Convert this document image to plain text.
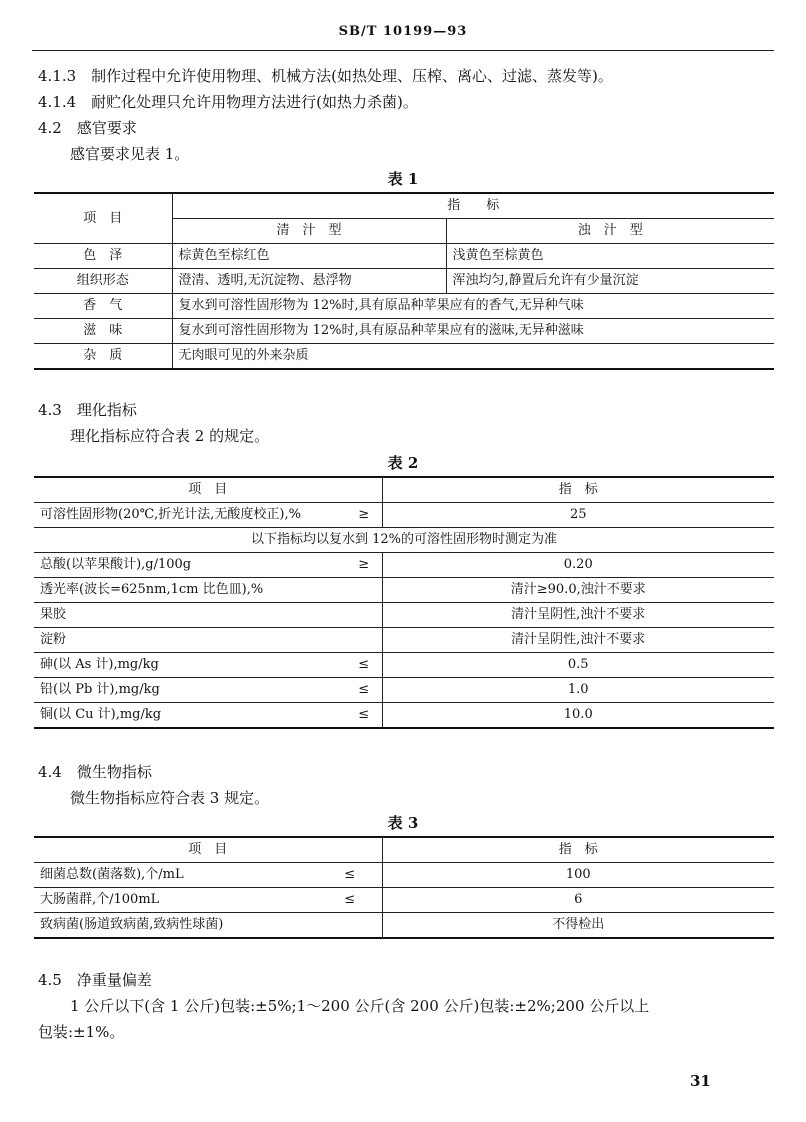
SB/T 10199—93
4.1.3　制作过程中允许使用物理、机械方法(如热处理、压榨、离心、过滤、蒸发等)。
4.1.4　耐贮化处理只允许用物理方法进行(如热力杀菌)。
4.2　感官要求
感官要求见表 1。
表 1
项　目	指　　标	
	清　汁　型	浊　汁　型
色　泽	棕黄色至棕红色	浅黄色至棕黄色
组织形态	澄清、透明,无沉淀物、悬浮物	浑浊均匀,静置后允许有少量沉淀
香　气	复水到可溶性固形物为 12%时,具有原品种苹果应有的香气,无异种气味	
滋　味	复水到可溶性固形物为 12%时,具有原品种苹果应有的滋味,无异种滋味	
杂　质	无肉眼可见的外来杂质	
4.3　理化指标
理化指标应符合表 2 的规定。
表 2
项　目		指　标
可溶性固形物(20℃,折光计法,无酸度校正),%	≥	25
以下指标均以复水到 12%的可溶性固形物时测定为准		
总酸(以苹果酸计),g/100g	≥	0.20
透光率(波长=625nm,1cm 比色皿),%		清汁≥90.0,浊汁不要求
果胶		清汁呈阴性,浊汁不要求
淀粉		清汁呈阴性,浊汁不要求
砷(以 As 计),mg/kg	≤	0.5
铅(以 Pb 计),mg/kg	≤	1.0
铜(以 Cu 计),mg/kg	≤	10.0
4.4　微生物指标
微生物指标应符合表 3 规定。
表 3
项　目		指　标
细菌总数(菌落数),个/mL	≤	100
大肠菌群,个/100mL	≤	6
致病菌(肠道致病菌,致病性球菌)		不得检出
4.5　净重量偏差
1 公斤以下(含 1 公斤)包装:±5%;1～200 公斤(含 200 公斤)包装:±2%;200 公斤以上
包装:±1%。
31
